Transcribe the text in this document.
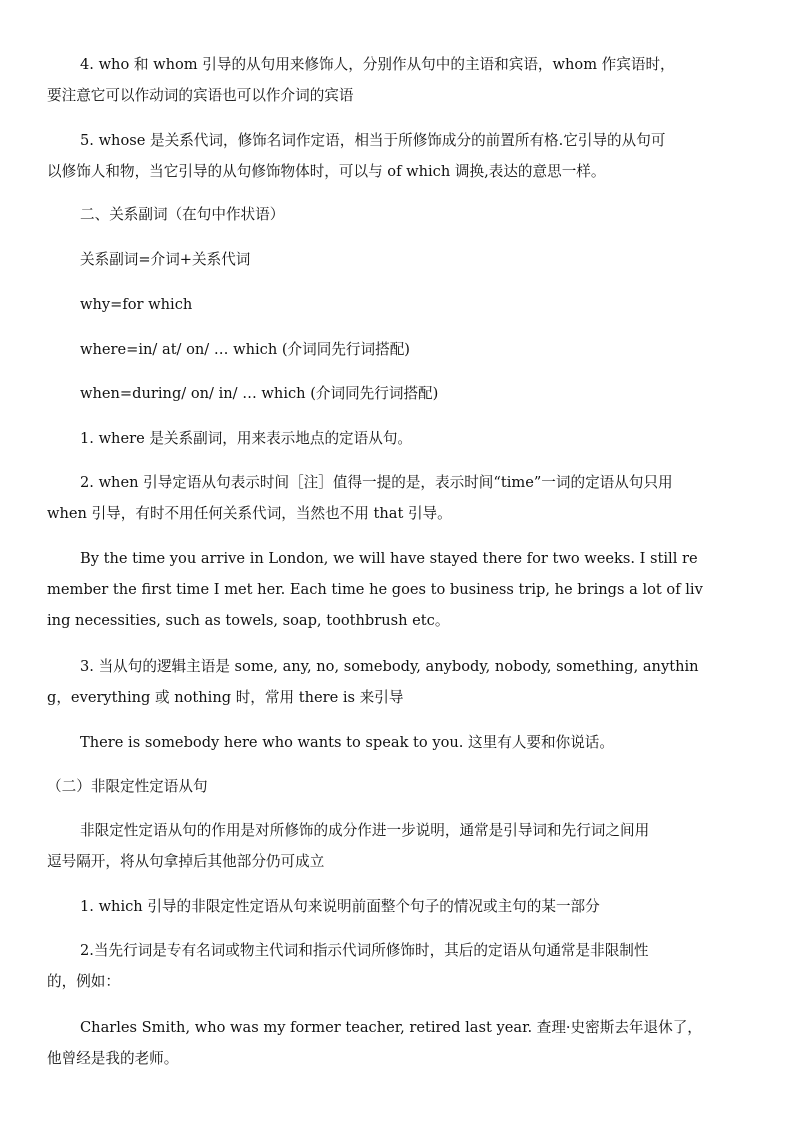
4. who 和 whom 引导的从句用来修饰人，分别作从句中的主语和宾语，whom 作宾语时，
要注意它可以作动词的宾语也可以作介词的宾语
5. whose 是关系代词，修饰名词作定语，相当于所修饰成分的前置所有格.它引导的从句可
以修饰人和物，当它引导的从句修饰物体时，可以与 of which 调换,表达的意思一样。
二、关系副词（在句中作状语）
关系副词=介词+关系代词
why=for which
where=in/ at/ on/ … which (介词同先行词搭配)
when=during/ on/ in/ … which (介词同先行词搭配)
1. where 是关系副词，用来表示地点的定语从句。
2. when 引导定语从句表示时间［注］值得一提的是，表示时间“time”一词的定语从句只用
when 引导，有时不用任何关系代词，当然也不用 that 引导。
By the time you arrive in London, we will have stayed there for two weeks. I still re
member the first time I met her. Each time he goes to business trip, he brings a lot of liv
ing necessities, such as towels, soap, toothbrush etc。
3. 当从句的逻辑主语是 some, any, no, somebody, anybody, nobody, something, anythin
g，everything 或 nothing 时，常用 there is 来引导
There is somebody here who wants to speak to you. 这里有人要和你说话。
（二）非限定性定语从句
非限定性定语从句的作用是对所修饰的成分作进一步说明，通常是引导词和先行词之间用
逗号隔开，将从句拿掉后其他部分仍可成立
1. which 引导的非限定性定语从句来说明前面整个句子的情况或主句的某一部分
2.当先行词是专有名词或物主代词和指示代词所修饰时，其后的定语从句通常是非限制性
的，例如：
Charles Smith, who was my former teacher, retired last year. 查理·史密斯去年退休了，
他曾经是我的老师。
